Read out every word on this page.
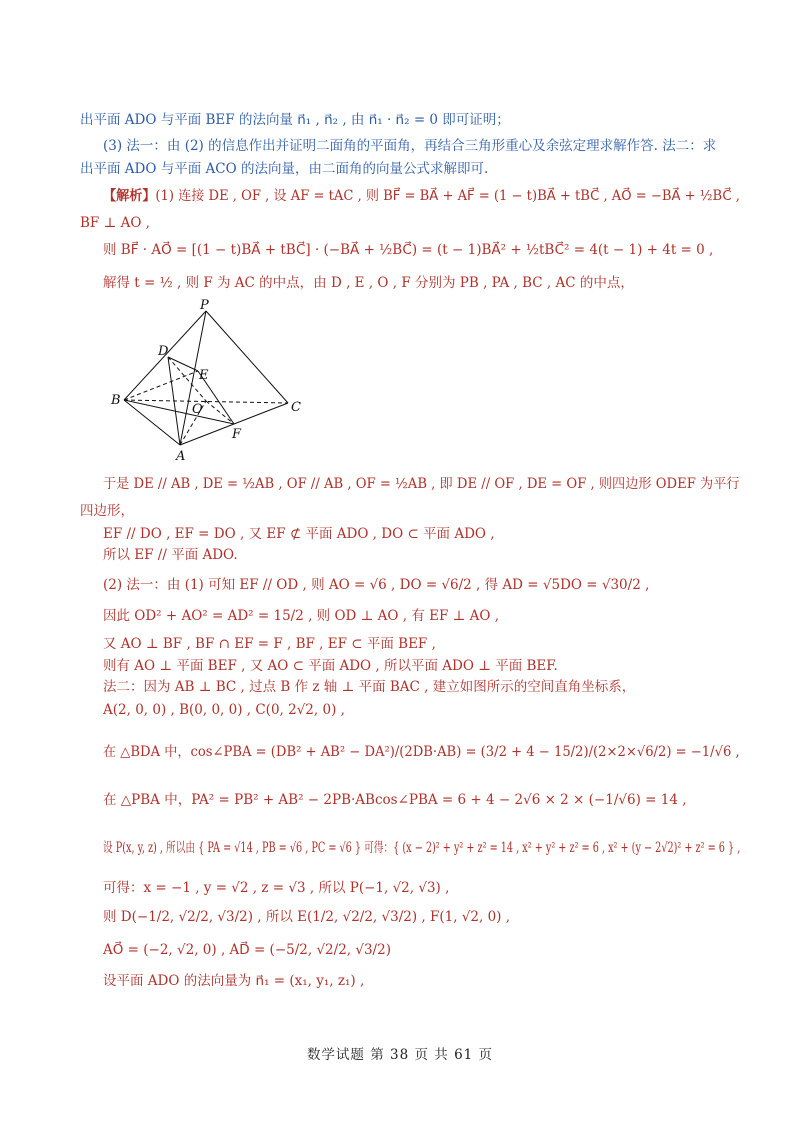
出平面 ADO 与平面 BEF 的法向量 n⃗₁ , n⃗₂ , 由 n⃗₁ · n⃗₂ = 0 即可证明；
(3) 法一：由 (2) 的信息作出并证明二面角的平面角，再结合三角形重心及余弦定理求解作答. 法二：求
出平面 ADO 与平面 ACO 的法向量，由二面角的向量公式求解即可.
【解析】(1) 连接 DE , OF , 设 AF = tAC , 则 BF⃗ = BA⃗ + AF⃗ = (1 − t)BA⃗ + tBC⃗ , AO⃗ = −BA⃗ + ½BC⃗ ,
BF ⊥ AO ,
则 BF⃗ · AO⃗ = [(1 − t)BA⃗ + tBC⃗] · (−BA⃗ + ½BC⃗) = (t − 1)BA⃗² + ½tBC⃗² = 4(t − 1) + 4t = 0 ,
解得 t = ½ , 则 F 为 AC 的中点，由 D , E , O , F 分别为 PB , PA , BC , AC 的中点，
P
D
E
B
O	C
F
A
于是 DE // AB , DE = ½AB , OF // AB , OF = ½AB , 即 DE // OF , DE = OF , 则四边形 ODEF 为平行
四边形，
EF // DO , EF = DO , 又 EF ⊄ 平面 ADO , DO ⊂ 平面 ADO ,
所以 EF // 平面 ADO.
(2) 法一：由 (1) 可知 EF // OD , 则 AO = √6 , DO = √6/2 , 得 AD = √5DO = √30/2 ,
因此 OD² + AO² = AD² = 15/2 , 则 OD ⊥ AO , 有 EF ⊥ AO ,
又 AO ⊥ BF , BF ∩ EF = F , BF , EF ⊂ 平面 BEF ,
则有 AO ⊥ 平面 BEF , 又 AO ⊂ 平面 ADO , 所以平面 ADO ⊥ 平面 BEF.
法二：因为 AB ⊥ BC , 过点 B 作 z 轴 ⊥ 平面 BAC , 建立如图所示的空间直角坐标系，
A(2, 0, 0) , B(0, 0, 0) , C(0, 2√2, 0) ,
在 △BDA 中，cos∠PBA = (DB² + AB² − DA²)/(2DB·AB) = (3/2 + 4 − 15/2)/(2×2×√6/2) = −1/√6 ,
在 △PBA 中，PA² = PB² + AB² − 2PB·ABcos∠PBA = 6 + 4 − 2√6 × 2 × (−1/√6) = 14 ,
设 P(x, y, z) , 所以由 { PA = √14 , PB = √6 , PC = √6 } 可得：{ (x − 2)² + y² + z² = 14 , x² + y² + z² = 6 , x² + (y − 2√2)² + z² = 6 } ,
可得：x = −1 , y = √2 , z = √3 , 所以 P(−1, √2, √3) ,
则 D(−1/2, √2/2, √3/2) , 所以 E(1/2, √2/2, √3/2) , F(1, √2, 0) ,
AO⃗ = (−2, √2, 0) , AD⃗ = (−5/2, √2/2, √3/2)
设平面 ADO 的法向量为 n⃗₁ = (x₁, y₁, z₁) ,
数学试题 第 38 页 共 61 页
